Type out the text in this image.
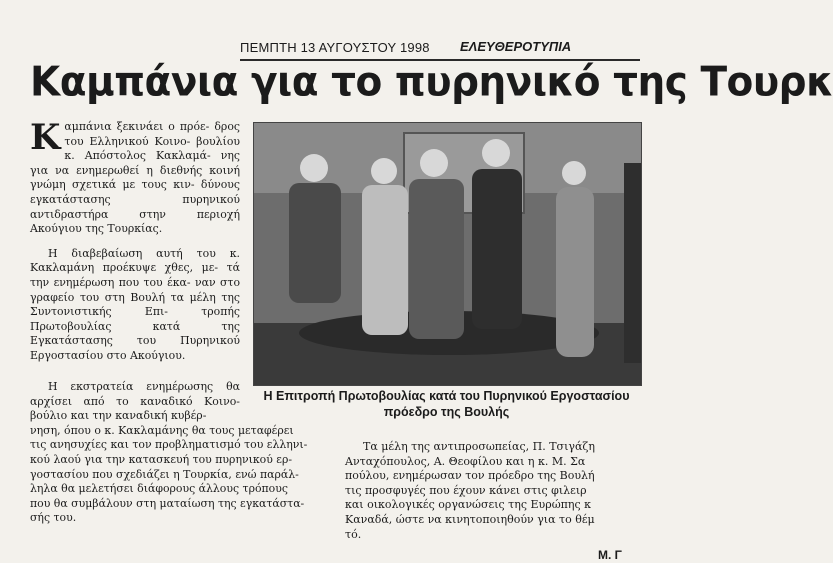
ΠΕΜΠΤΗ 13 ΑΥΓΟΥΣΤΟΥ 1998 ΕΛΕΥΘΕΡΟΤΥΠΙΑ
Καμπάνια για το πυρηνικό της Τουρκ

Κ αμπάνια ξεκινάει ο πρόε- δρος του Ελληνικού Κοινο- βουλίου κ. Απόστολος Κακλαμά- νης για να ενημερωθεί η διεθνής κοινή γνώμη σχετικά με τους κιν- δύνους εγκατάστασης πυρηνικού αντιδραστήρα στην περιοχή Ακούγιου της Τουρκίας.

Η διαβεβαίωση αυτή του κ. Κακλαμάνη προέκυψε χθες, με- τά την ενημέρωση που του έκα- ναν στο γραφείο του στη Βουλή τα μέλη της Συντονιστικής Επι- τροπής Πρωτοβουλίας κατά της Εγκατάστασης του Πυρηνικού Εργοστασίου στο Ακούγιου.

Η εκστρατεία ενημέρωσης θα αρχίσει από το καναδικό Κοινο- βούλιο και την καναδική κυβέρ-
νηση, όπου ο κ. Κακλαμάνης θα τους μεταφέρει
τις ανησυχίες και τον προβληματισμό του ελληνι-
κού λαού για την κατασκευή του πυρηνικού ερ-
γοστασίου που σχεδιάζει η Τουρκία, ενώ παράλ-
ληλα θα μελετήσει διάφορους άλλους τρόπους
που θα συμβάλουν στη ματαίωση της εγκατάστα-
σής του.
Η Επιτροπή Πρωτοβουλίας κατά του Πυρηνικού Εργοστασίου
πρόεδρο της Βουλής

Τα μέλη της αντιπροσωπείας, Π. Τσιγάζη

Ανταχόπουλος, Α. Θεοφίλου και η κ. Μ. Σα

πούλου, ενημέρωσαν τον πρόεδρο της Βουλή

τις προσφυγές που έχουν κάνει στις φιλειρ

και οικολογικές οργανώσεις της Ευρώπης κ

Καναδά, ώστε να κινητοποιηθούν για το θέμ

τό.

Μ. Γ
